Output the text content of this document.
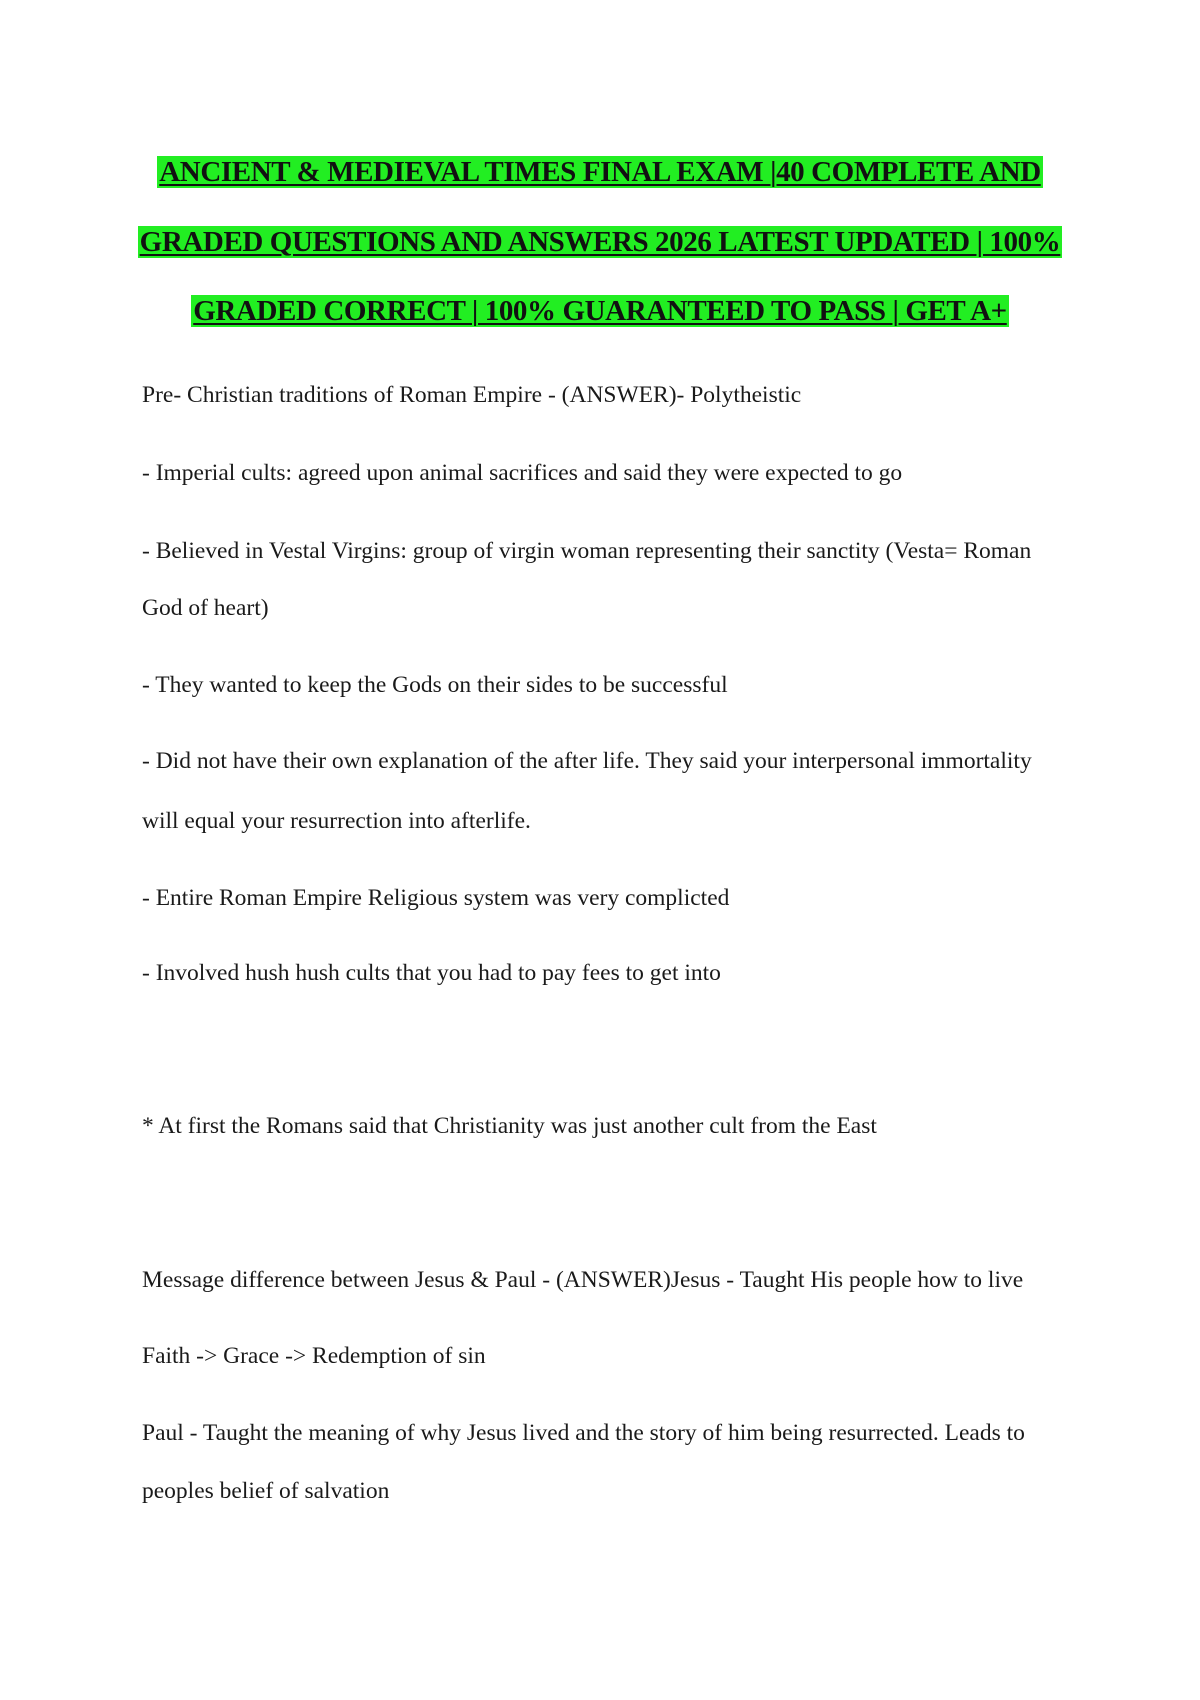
ANCIENT & MEDIEVAL TIMES FINAL EXAM |40 COMPLETE AND
GRADED QUESTIONS AND ANSWERS 2026 LATEST UPDATED | 100%
GRADED CORRECT | 100% GUARANTEED TO PASS | GET A+
Pre- Christian traditions of Roman Empire - (ANSWER)- Polytheistic
- Imperial cults: agreed upon animal sacrifices and said they were expected to go
- Believed in Vestal Virgins: group of virgin woman representing their sanctity (Vesta= Roman
God of heart)
- They wanted to keep the Gods on their sides to be successful
- Did not have their own explanation of the after life. They said your interpersonal immortality
will equal your resurrection into afterlife.
- Entire Roman Empire Religious system was very complicted
- Involved hush hush cults that you had to pay fees to get into
* At first the Romans said that Christianity was just another cult from the East
Message difference between Jesus & Paul - (ANSWER)Jesus - Taught His people how to live
Faith -> Grace -> Redemption of sin
Paul - Taught the meaning of why Jesus lived and the story of him being resurrected. Leads to
peoples belief of salvation
